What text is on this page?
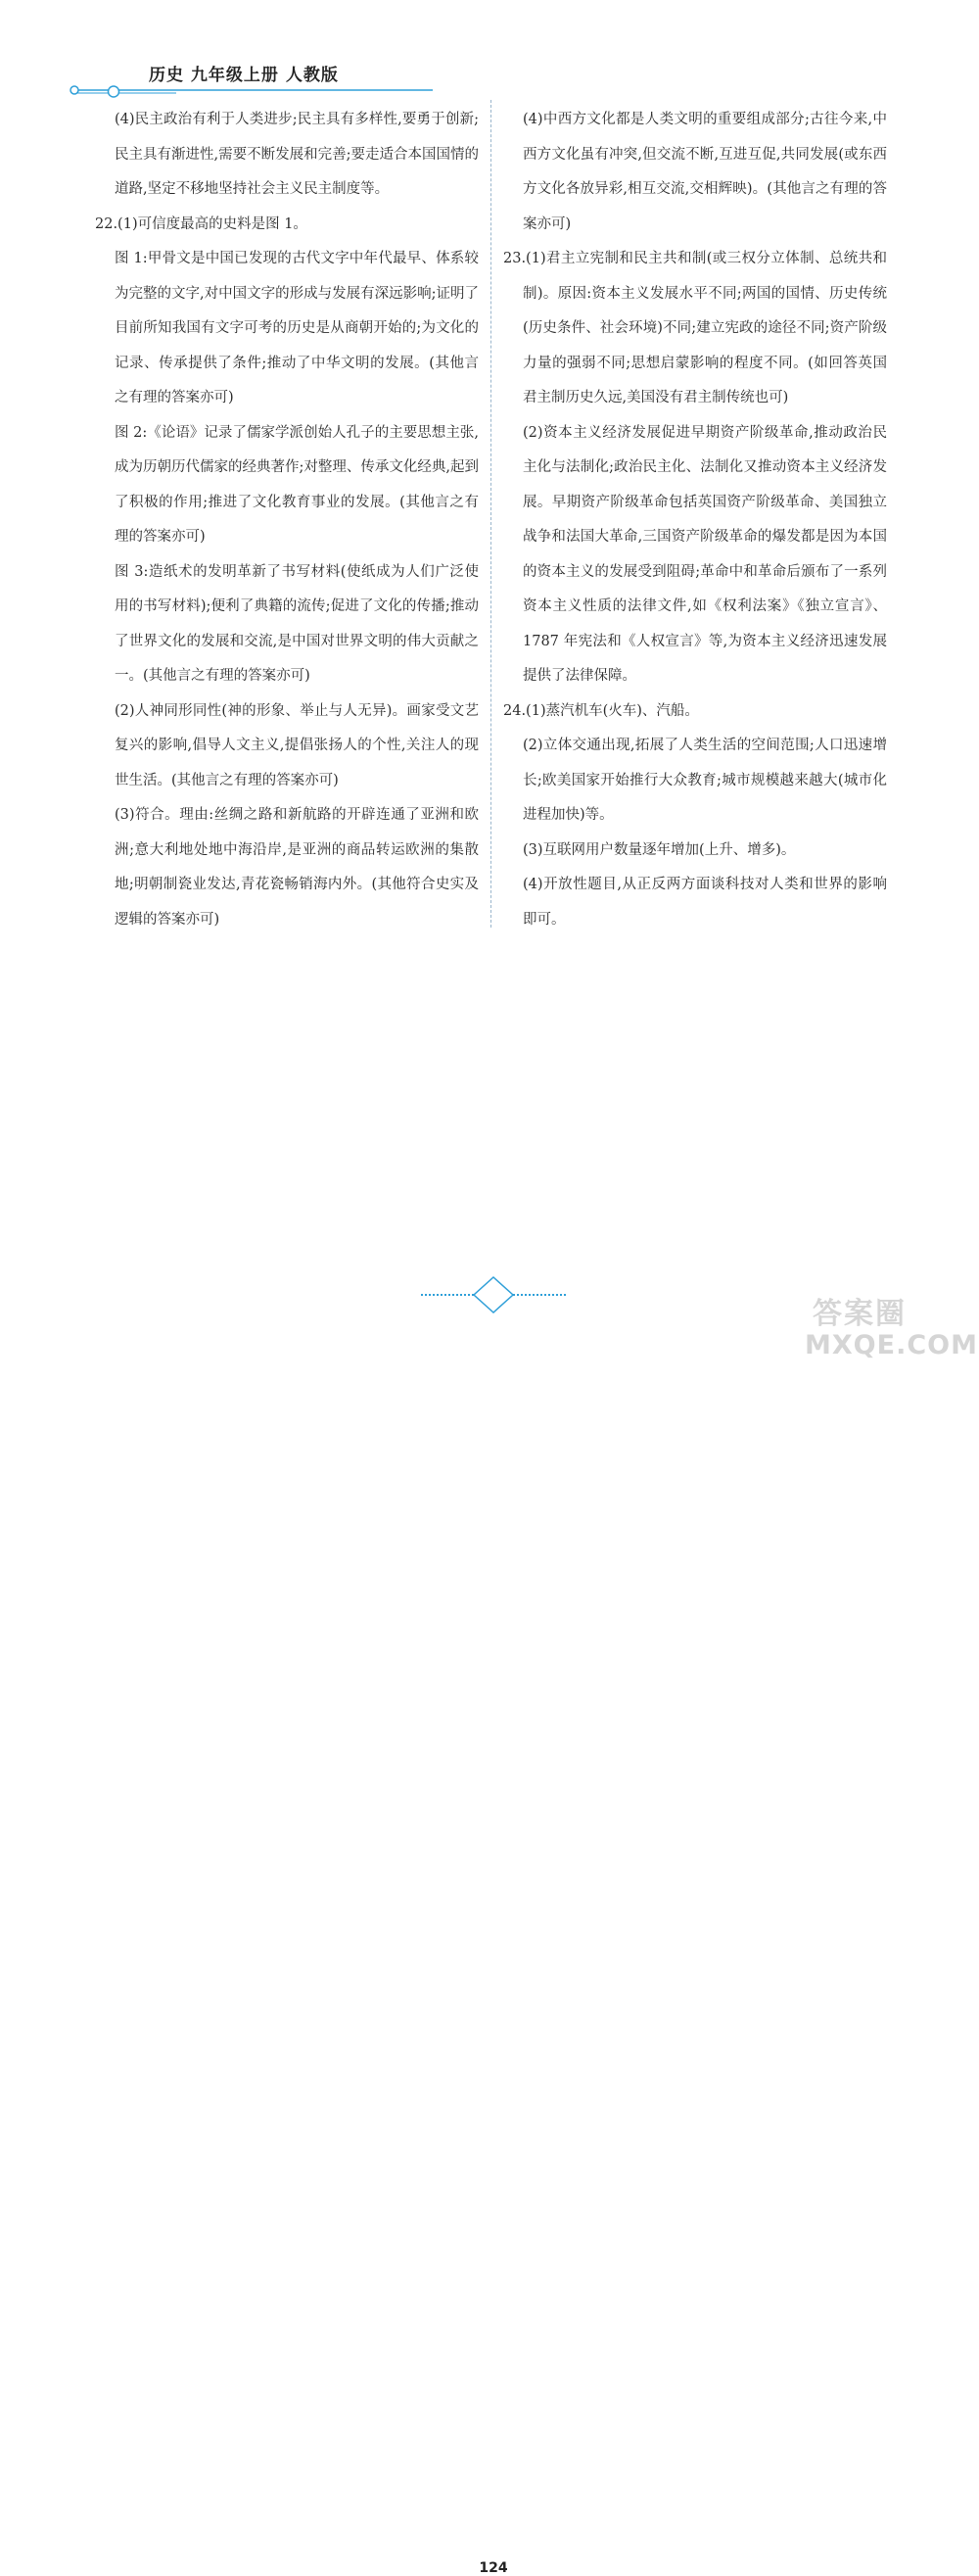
历史 九年级上册 人教版

(4)民主政治有利于人类进步;民主具有多样性,要勇于创新;民主具有渐进性,需要不断发展和完善;要走适合本国国情的道路,坚定不移地坚持社会主义民主制度等。

22.(1)可信度最高的史料是图 1。

图 1:甲骨文是中国已发现的古代文字中年代最早、体系较为完整的文字,对中国文字的形成与发展有深远影响;证明了目前所知我国有文字可考的历史是从商朝开始的;为文化的记录、传承提供了条件;推动了中华文明的发展。(其他言之有理的答案亦可)

图 2:《论语》记录了儒家学派创始人孔子的主要思想主张,成为历朝历代儒家的经典著作;对整理、传承文化经典,起到了积极的作用;推进了文化教育事业的发展。(其他言之有理的答案亦可)

图 3:造纸术的发明革新了书写材料(使纸成为人们广泛使用的书写材料);便利了典籍的流传;促进了文化的传播;推动了世界文化的发展和交流,是中国对世界文明的伟大贡献之一。(其他言之有理的答案亦可)

(2)人神同形同性(神的形象、举止与人无异)。画家受文艺复兴的影响,倡导人文主义,提倡张扬人的个性,关注人的现世生活。(其他言之有理的答案亦可)

(3)符合。理由:丝绸之路和新航路的开辟连通了亚洲和欧洲;意大利地处地中海沿岸,是亚洲的商品转运欧洲的集散地;明朝制瓷业发达,青花瓷畅销海内外。(其他符合史实及逻辑的答案亦可)

(4)中西方文化都是人类文明的重要组成部分;古往今来,中西方文化虽有冲突,但交流不断,互进互促,共同发展(或东西方文化各放异彩,相互交流,交相辉映)。(其他言之有理的答案亦可)

23.(1)君主立宪制和民主共和制(或三权分立体制、总统共和制)。原因:资本主义发展水平不同;两国的国情、历史传统(历史条件、社会环境)不同;建立宪政的途径不同;资产阶级力量的强弱不同;思想启蒙影响的程度不同。(如回答英国君主制历史久远,美国没有君主制传统也可)

(2)资本主义经济发展促进早期资产阶级革命,推动政治民主化与法制化;政治民主化、法制化又推动资本主义经济发展。早期资产阶级革命包括英国资产阶级革命、美国独立战争和法国大革命,三国资产阶级革命的爆发都是因为本国的资本主义的发展受到阻碍;革命中和革命后颁布了一系列资本主义性质的法律文件,如《权利法案》《独立宣言》、1787 年宪法和《人权宣言》等,为资本主义经济迅速发展提供了法律保障。

24.(1)蒸汽机车(火车)、汽船。

(2)立体交通出现,拓展了人类生活的空间范围;人口迅速增长;欧美国家开始推行大众教育;城市规模越来越大(城市化进程加快)等。

(3)互联网用户数量逐年增加(上升、增多)。

(4)开放性题目,从正反两方面谈科技对人类和世界的影响即可。

124
答案圈
MXQE.COM
